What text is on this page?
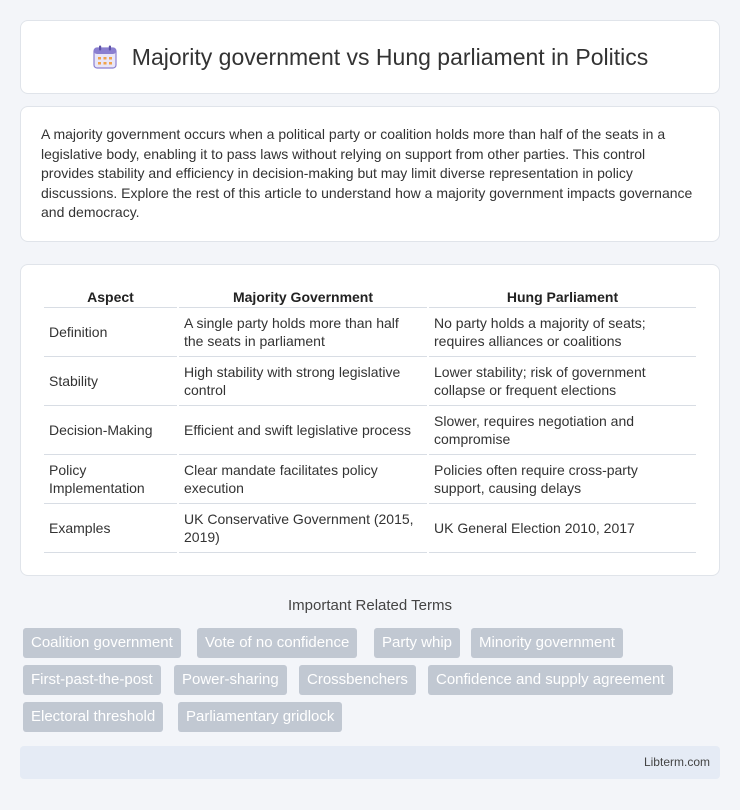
Majority government vs Hung parliament in Politics

A majority government occurs when a political party or coalition holds more than half of the seats in a legislative body, enabling it to pass laws without relying on support from other parties. This control provides stability and efficiency in decision-making but may limit diverse representation in policy discussions. Explore the rest of this article to understand how a majority government impacts governance and democracy.

Aspect	Majority Government	Hung Parliament
Definition	A single party holds more than half the seats in parliament	No party holds a majority of seats; requires alliances or coalitions
Stability	High stability with strong legislative control	Lower stability; risk of government collapse or frequent elections
Decision-Making	Efficient and swift legislative process	Slower, requires negotiation and compromise
Policy Implementation	Clear mandate facilitates policy execution	Policies often require cross-party support, causing delays
Examples	UK Conservative Government (2015, 2019)	UK General Election 2010, 2017
Important Related Terms
Coalition government	Vote of no confidence	Party whip	Minority government
First-past-the-post	Power-sharing	Crossbenchers	Confidence and supply agreement
Electoral threshold	Parliamentary gridlock
Libterm.com
